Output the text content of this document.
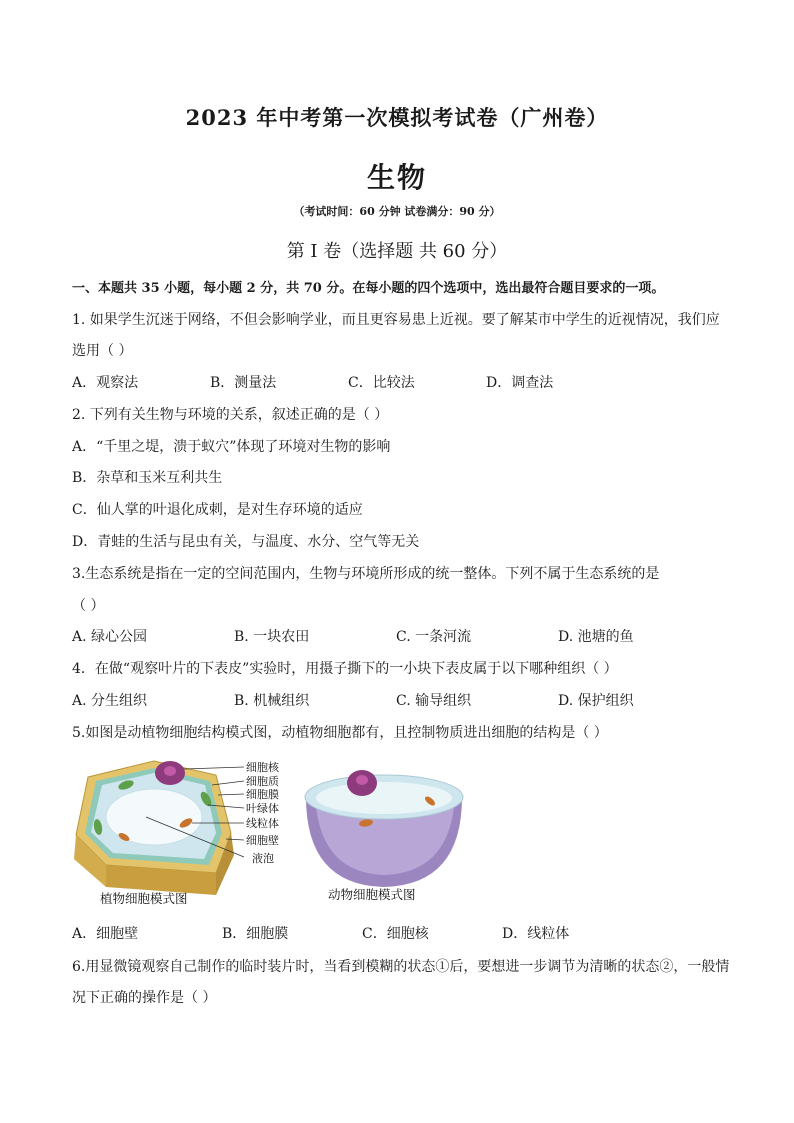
2023 年中考第一次模拟考试卷（广州卷）
生物
（考试时间：60 分钟 试卷满分：90 分）
第 I 卷（选择题 共 60 分）
一、本题共 35 小题，每小题 2 分，共 70 分。在每小题的四个选项中，选出最符合题目要求的一项。
1. 如果学生沉迷于网络，不但会影响学业，而且更容易患上近视。要了解某市中学生的近视情况，我们应
选用（ ）
A．观察法	B．测量法	C．比较法	D．调查法
2. 下列有关生物与环境的关系，叙述正确的是（ ）
A．“千里之堤，溃于蚁穴”体现了环境对生物的影响
B．杂草和玉米互利共生
C．仙人掌的叶退化成刺，是对生存环境的适应
D．青蛙的生活与昆虫有关，与温度、水分、空气等无关
3.生态系统是指在一定的空间范围内，生物与环境所形成的统一整体。下列不属于生态系统的是
（ ）
A. 绿心公园	B. 一块农田	C. 一条河流	D. 池塘的鱼
4．在做“观察叶片的下表皮”实验时，用摄子撕下的一小块下表皮属于以下哪种组织（ ）
A. 分生组织	B. 机械组织	C. 输导组织	D. 保护组织
5.如图是动植物细胞结构模式图，动植物细胞都有，且控制物质进出细胞的结构是（ ）
细胞核
细胞质
细胞膜
叶绿体
线粒体
细胞壁
液泡
植物细胞模式图	动物细胞模式图
A．细胞壁	B．细胞膜	C．细胞核	D．线粒体
6.用显微镜观察自己制作的临时装片时，当看到模糊的状态①后，要想进一步调节为清晰的状态②，一般情
况下正确的操作是（ ）
